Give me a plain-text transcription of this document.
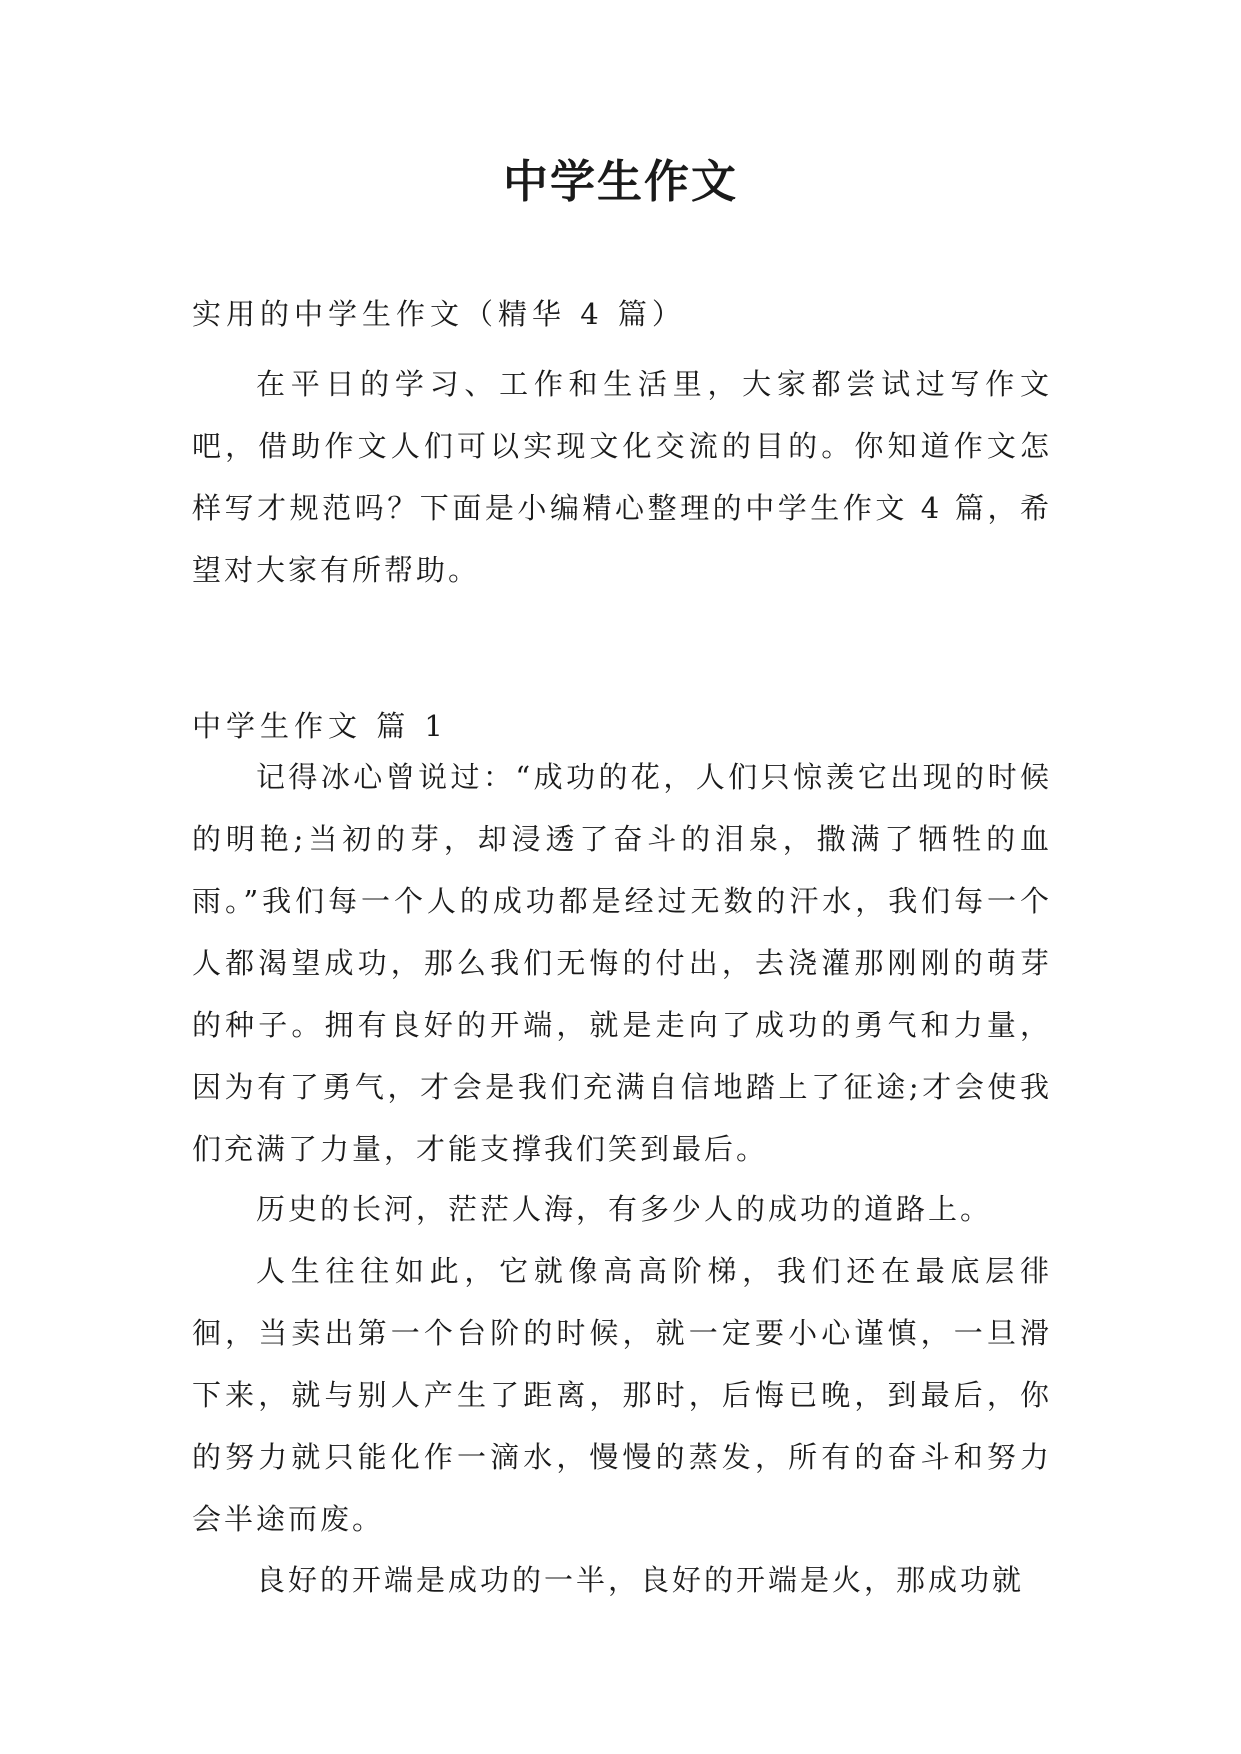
中学生作文
实用的中学生作文（精华 4 篇）

在平日的学习、工作和生活里，大家都尝试过写作文吧，借助作文人们可以实现文化交流的目的。你知道作文怎样写才规范吗？下面是小编精心整理的中学生作文 4 篇，希望对大家有所帮助。

中学生作文 篇 1

记得冰心曾说过：“成功的花，人们只惊羡它出现的时候的明艳;当初的芽，却浸透了奋斗的泪泉，撒满了牺牲的血雨。”我们每一个人的成功都是经过无数的汗水，我们每一个人都渴望成功，那么我们无悔的付出，去浇灌那刚刚的萌芽的种子。拥有良好的开端，就是走向了成功的勇气和力量，因为有了勇气，才会是我们充满自信地踏上了征途;才会使我们充满了力量，才能支撑我们笑到最后。

历史的长河，茫茫人海，有多少人的成功的道路上。

人生往往如此，它就像高高阶梯，我们还在最底层徘徊，当卖出第一个台阶的时候，就一定要小心谨慎，一旦滑下来，就与别人产生了距离，那时，后悔已晚，到最后，你的努力就只能化作一滴水，慢慢的蒸发，所有的奋斗和努力会半途而废。

良好的开端是成功的一半，良好的开端是火，那成功就
